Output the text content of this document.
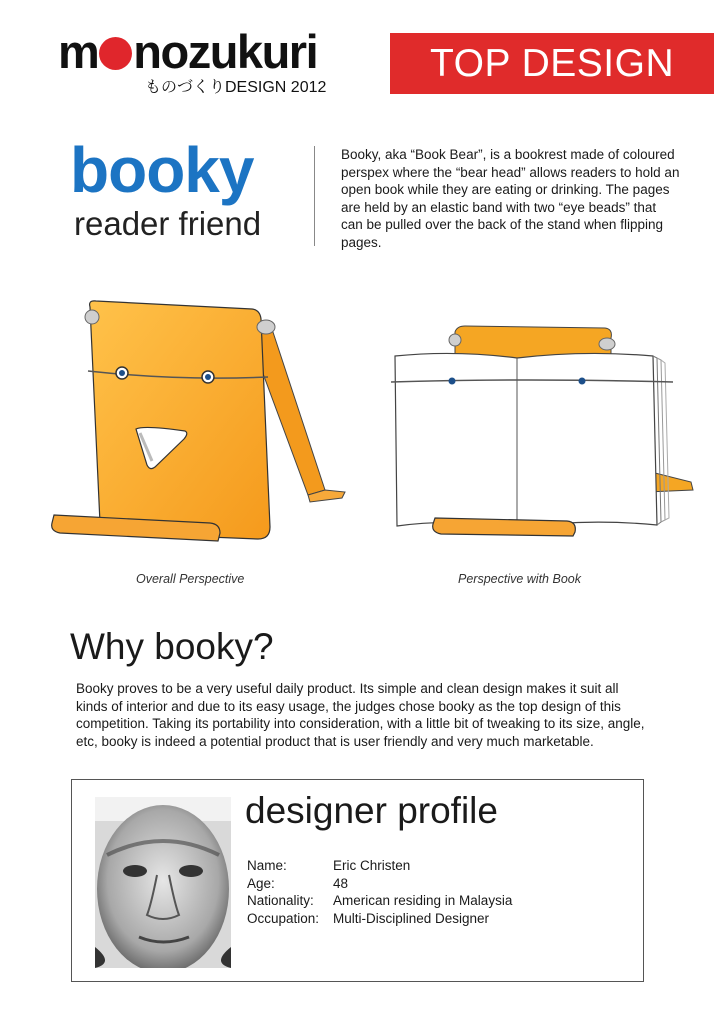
m nozukuri
ものづくりDESIGN 2012
TOP DESIGN
booky
reader friend
Booky, aka “Book Bear”, is a bookrest made of coloured perspex where the “bear head” allows readers to hold an open book while they are eating or drinking. The pages are held by an elastic band with two “eye beads” that can be pulled over the back of the stand when flipping pages.
Overall Perspective	Perspective with Book
Why booky?
Booky proves to be a very useful daily product. Its simple and clean design makes it suit all kinds of interior and due to its easy usage, the judges chose booky as the top design of this competition. Taking its portability into consideration, with a little bit of tweaking to its size, angle, etc, booky is indeed a potential product that is user friendly and very much marketable.
designer profile
Name:	Eric Christen
Age:	48
Nationality:	American residing in Malaysia
Occupation:	Multi-Disciplined Designer
